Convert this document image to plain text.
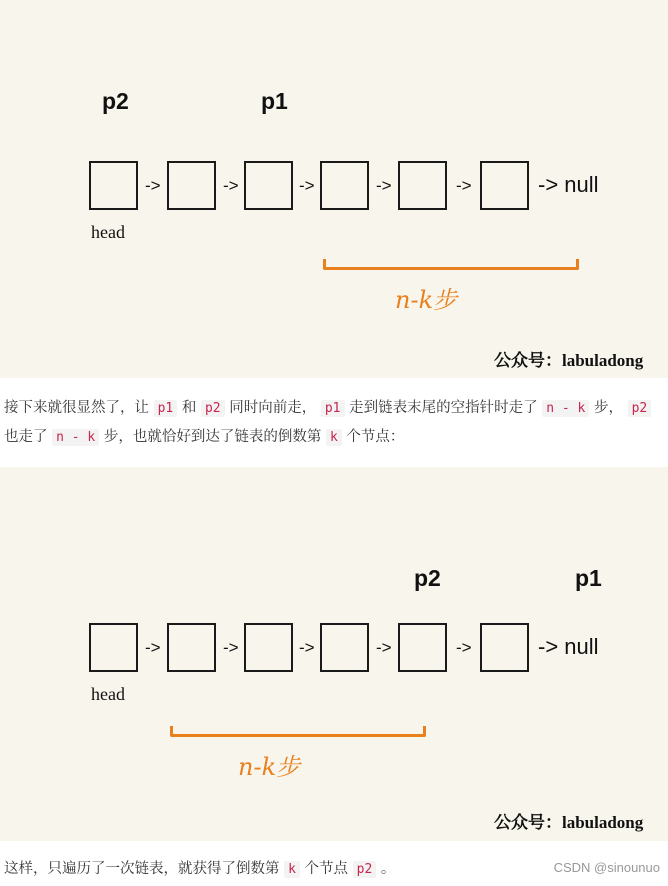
p2	p1
->	->	->	->	->	-> null
head
n-k步
公众号：labuladong
接下来就很显然了，让 p1 和 p2 同时向前走， p1 走到链表末尾的空指针时走了 n - k 步， p2 也走了 n - k 步，也就恰好到达了链表的倒数第 k 个节点：
p2	p1
->	->	->	->	->	-> null
head
n-k步
公众号：labuladong
这样，只遍历了一次链表，就获得了倒数第 k 个节点 p2 。	CSDN @sinounuo
